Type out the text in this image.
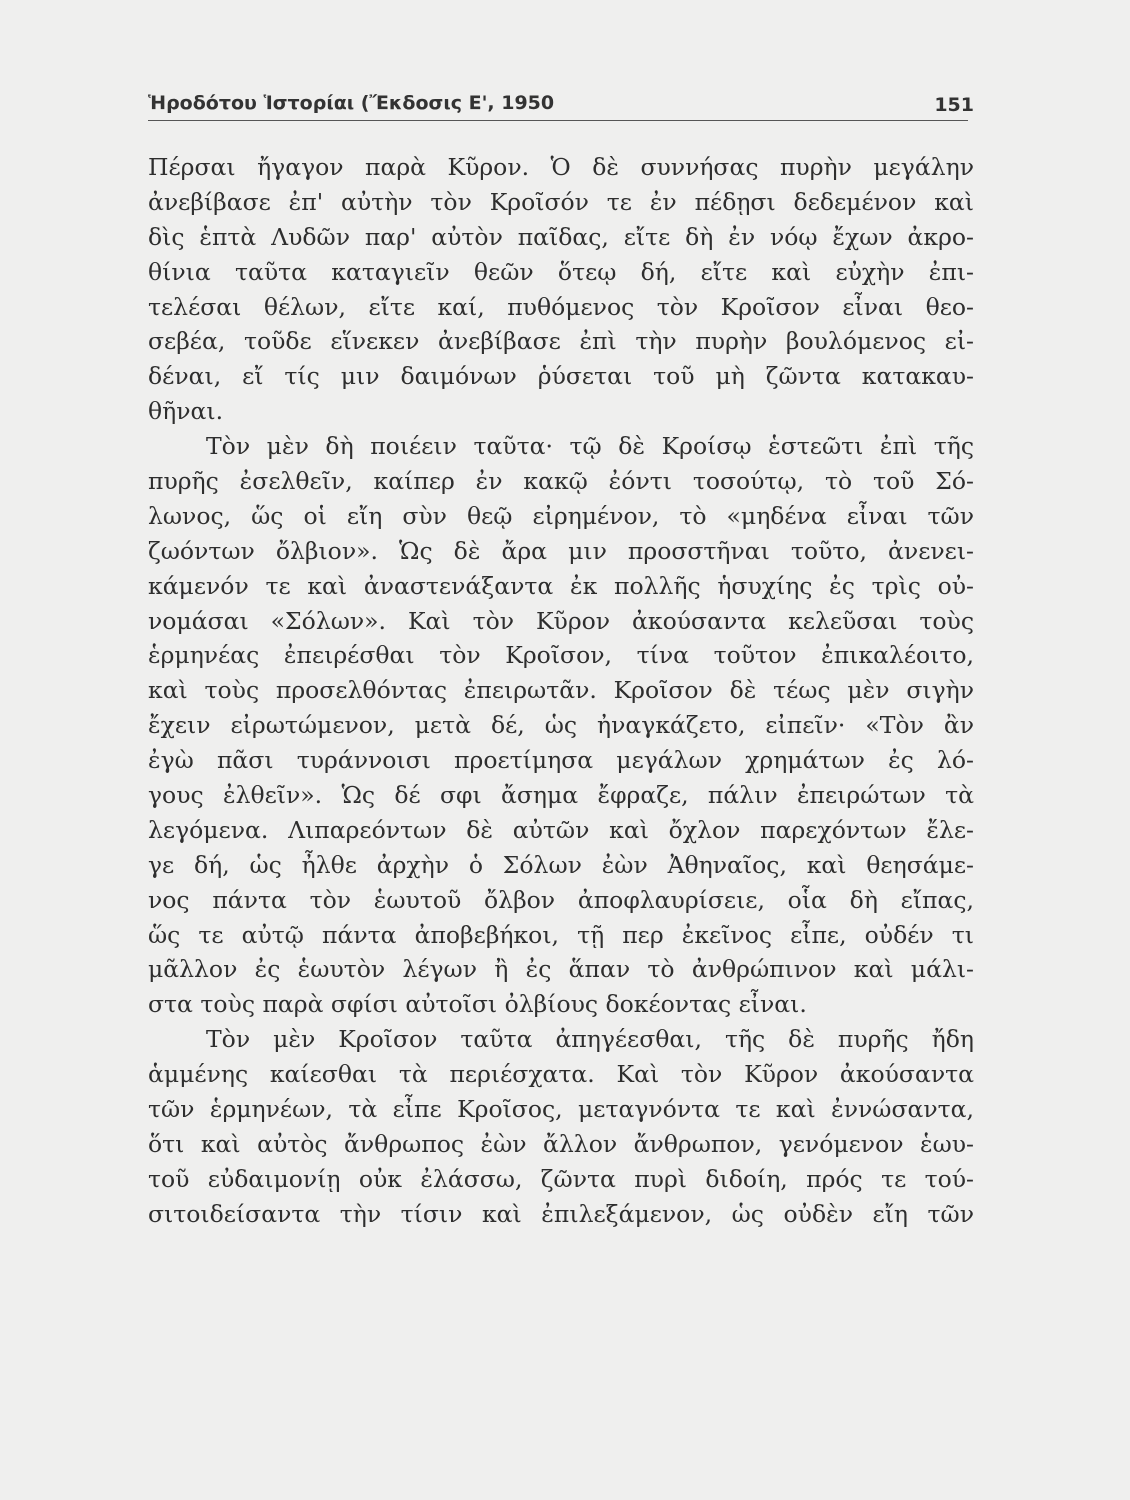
Ἡροδότου Ἱστορίαι (Ἔκδοσις Ε', 1950	151
Πέρσαι ἤγαγον παρὰ Κῦρον. Ὁ δὲ συννήσας πυρὴν μεγάλην
ἀνεβίβασε ἐπ' αὐτὴν τὸν Κροῖσόν τε ἐν πέδῃσι δεδεμένον καὶ
δὶς ἑπτὰ Λυδῶν παρ' αὐτὸν παῖδας, εἴτε δὴ ἐν νόῳ ἔχων ἀκρο-
θίνια ταῦτα καταγιεῖν θεῶν ὅτεῳ δή, εἴτε καὶ εὐχὴν ἐπι-
τελέσαι θέλων, εἴτε καί, πυθόμενος τὸν Κροῖσον εἶναι θεο-
σεβέα, τοῦδε εἵνεκεν ἀνεβίβασε ἐπὶ τὴν πυρὴν βουλόμενος εἰ-
δέναι, εἴ τίς μιν δαιμόνων ῥύσεται τοῦ μὴ ζῶντα κατακαυ-
θῆναι.
Τὸν μὲν δὴ ποιέειν ταῦτα· τῷ δὲ Κροίσῳ ἑστεῶτι ἐπὶ τῆς
πυρῆς ἐσελθεῖν, καίπερ ἐν κακῷ ἐόντι τοσούτῳ, τὸ τοῦ Σό-
λωνος, ὥς οἱ εἴη σὺν θεῷ εἰρημένον, τὸ «μηδένα εἶναι τῶν
ζωόντων ὄλβιον». Ὡς δὲ ἄρα μιν προσστῆναι τοῦτο, ἀνενει-
κάμενόν τε καὶ ἀναστενάξαντα ἐκ πολλῆς ἡσυχίης ἐς τρὶς οὐ-
νομάσαι «Σόλων». Καὶ τὸν Κῦρον ἀκούσαντα κελεῦσαι τοὺς
ἑρμηνέας ἐπειρέσθαι τὸν Κροῖσον, τίνα τοῦτον ἐπικαλέοιτο,
καὶ τοὺς προσελθόντας ἐπειρωτᾶν. Κροῖσον δὲ τέως μὲν σιγὴν
ἔχειν εἰρωτώμενον, μετὰ δέ, ὡς ἠναγκάζετο, εἰπεῖν· «Τὸν ἂν
ἐγὼ πᾶσι τυράννοισι προετίμησα μεγάλων χρημάτων ἐς λό-
γους ἐλθεῖν». Ὡς δέ σφι ἄσημα ἔφραζε, πάλιν ἐπειρώτων τὰ
λεγόμενα. Λιπαρεόντων δὲ αὐτῶν καὶ ὄχλον παρεχόντων ἔλε-
γε δή, ὡς ἦλθε ἀρχὴν ὁ Σόλων ἐὼν Ἀθηναῖος, καὶ θεησάμε-
νος πάντα τὸν ἑωυτοῦ ὄλβον ἀποφλαυρίσειε, οἷα δὴ εἴπας,
ὥς τε αὐτῷ πάντα ἀποβεβήκοι, τῇ περ ἐκεῖνος εἶπε, οὐδέν τι
μᾶλλον ἐς ἑωυτὸν λέγων ἢ ἐς ἅπαν τὸ ἀνθρώπινον καὶ μάλι-
στα τοὺς παρὰ σφίσι αὐτοῖσι ὀλβίους δοκέοντας εἶναι.
Τὸν μὲν Κροῖσον ταῦτα ἀπηγέεσθαι, τῆς δὲ πυρῆς ἤδη
ἁμμένης καίεσθαι τὰ περιέσχατα. Καὶ τὸν Κῦρον ἀκούσαντα
τῶν ἑρμηνέων, τὰ εἶπε Κροῖσος, μεταγνόντα τε καὶ ἐννώσαντα,
ὅτι καὶ αὐτὸς ἄνθρωπος ἐὼν ἄλλον ἄνθρωπον, γενόμενον ἑωυ-
τοῦ εὐδαιμονίῃ οὐκ ἐλάσσω, ζῶντα πυρὶ διδοίη, πρός τε τού-
σιτοιδείσαντα τὴν τίσιν καὶ ἐπιλεξάμενον, ὡς οὐδὲν εἴη τῶν
